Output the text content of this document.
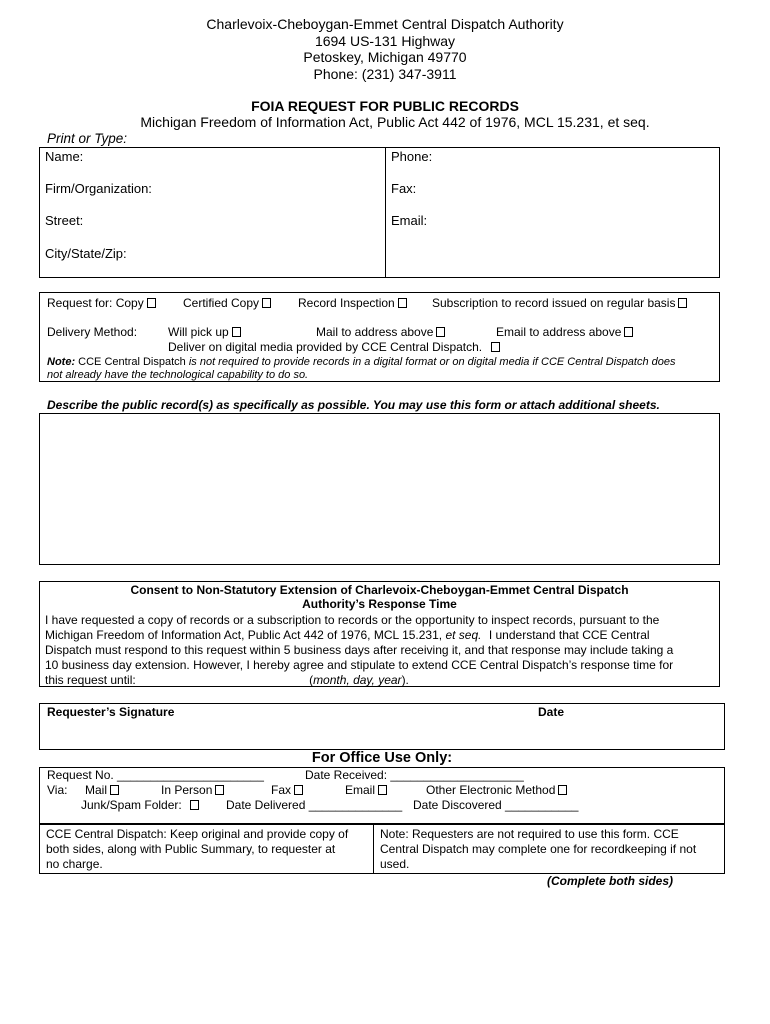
Charlevoix-Cheboygan-Emmet Central Dispatch Authority
1694 US-131 Highway
Petoskey, Michigan 49770
Phone: (231) 347-3911
FOIA REQUEST FOR PUBLIC RECORDS
Michigan Freedom of Information Act, Public Act 442 of 1976, MCL 15.231, et seq.
Print or Type:
Name:
Firm/Organization:
Street:
City/State/Zip:
Phone:
Fax:
Email:
Request for: Copy	Certified Copy	Record Inspection	Subscription to record issued on regular basis
Delivery Method:	Will pick up	Mail to address above	Email to address above
Deliver on digital media provided by CCE Central Dispatch.
Note: CCE Central Dispatch is not required to provide records in a digital format or on digital media if CCE Central Dispatch does
not already have the technological capability to do so.
Describe the public record(s) as specifically as possible. You may use this form or attach additional sheets.
Consent to Non-Statutory Extension of Charlevoix-Cheboygan-Emmet Central Dispatch
Authority’s Response Time
I have requested a copy of records or a subscription to records or the opportunity to inspect records, pursuant to the
Michigan Freedom of Information Act, Public Act 442 of 1976, MCL 15.231, et seq. I understand that CCE Central
Dispatch must respond to this request within 5 business days after receiving it, and that response may include taking a
10 business day extension. However, I hereby agree and stipulate to extend CCE Central Dispatch’s response time for
this request until:	(month, day, year).
Requester’s Signature	Date
For Office Use Only:
Request No. ______________________	Date Received: ____________________
Via: Mail	In Person	Fax	Email	Other Electronic Method
Junk/Spam Folder:	Date Delivered ______________ Date Discovered ___________
CCE Central Dispatch: Keep original and provide copy of
both sides, along with Public Summary, to requester at
no charge.
Note: Requesters are not required to use this form. CCE
Central Dispatch may complete one for recordkeeping if not
used.
(Complete both sides)
